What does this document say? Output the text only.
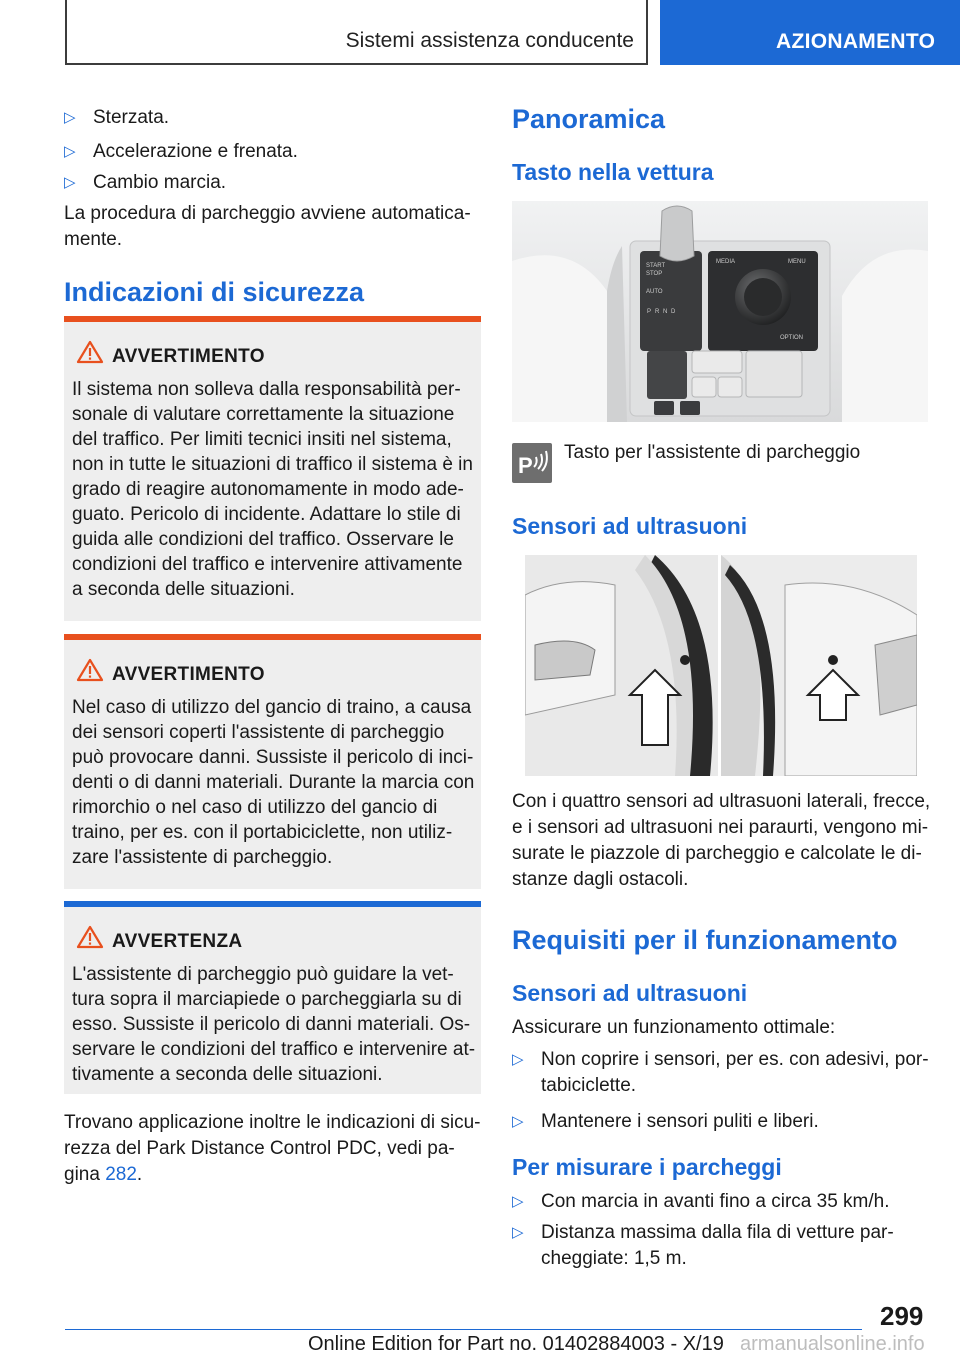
Sistemi assistenza conducente	AZIONAMENTO
▷ Sterzata.
▷ Accelerazione e frenata.
▷ Cambio marcia.
La procedura di parcheggio avviene automatica-
mente.
Indicazioni di sicurezza
AVVERTIMENTO
Il sistema non solleva dalla responsabilità per-
sonale di valutare correttamente la situazione
del traffico. Per limiti tecnici insiti nel sistema,
non in tutte le situazioni di traffico il sistema è in
grado di reagire autonomamente in modo ade-
guato. Pericolo di incidente. Adattare lo stile di
guida alle condizioni del traffico. Osservare le
condizioni del traffico e intervenire attivamente
a seconda delle situazioni.
AVVERTIMENTO
Nel caso di utilizzo del gancio di traino, a causa
dei sensori coperti l'assistente di parcheggio
può provocare danni. Sussiste il pericolo di inci-
denti o di danni materiali. Durante la marcia con
rimorchio o nel caso di utilizzo del gancio di
traino, per es. con il portabiciclette, non utiliz-
zare l'assistente di parcheggio.
AVVERTENZA
L'assistente di parcheggio può guidare la vet-
tura sopra il marciapiede o parcheggiarla su di
esso. Sussiste il pericolo di danni materiali. Os-
servare le condizioni del traffico e intervenire at-
tivamente a seconda delle situazioni.
Trovano applicazione inoltre le indicazioni di sicu-
rezza del Park Distance Control PDC, vedi pa-
gina 282.
Panoramica
Tasto nella vettura
START
STOP
AUTO
P R N D
MEDIA	MENU
OPTION
P
Tasto per l'assistente di parcheggio
Sensori ad ultrasuoni
Con i quattro sensori ad ultrasuoni laterali, frecce,
e i sensori ad ultrasuoni nei paraurti, vengono mi-
surate le piazzole di parcheggio e calcolate le di-
stanze dagli ostacoli.
Requisiti per il funzionamento
Sensori ad ultrasuoni
Assicurare un funzionamento ottimale:
▷ Non coprire i sensori, per es. con adesivi, por-
tabiciclette.
▷ Mantenere i sensori puliti e liberi.
Per misurare i parcheggi
▷ Con marcia in avanti fino a circa 35 km/h.
▷ Distanza massima dalla fila di vetture par-
cheggiate: 1,5 m.
299
Online Edition for Part no. 01402884003 - X/19 armanualsonline.info
